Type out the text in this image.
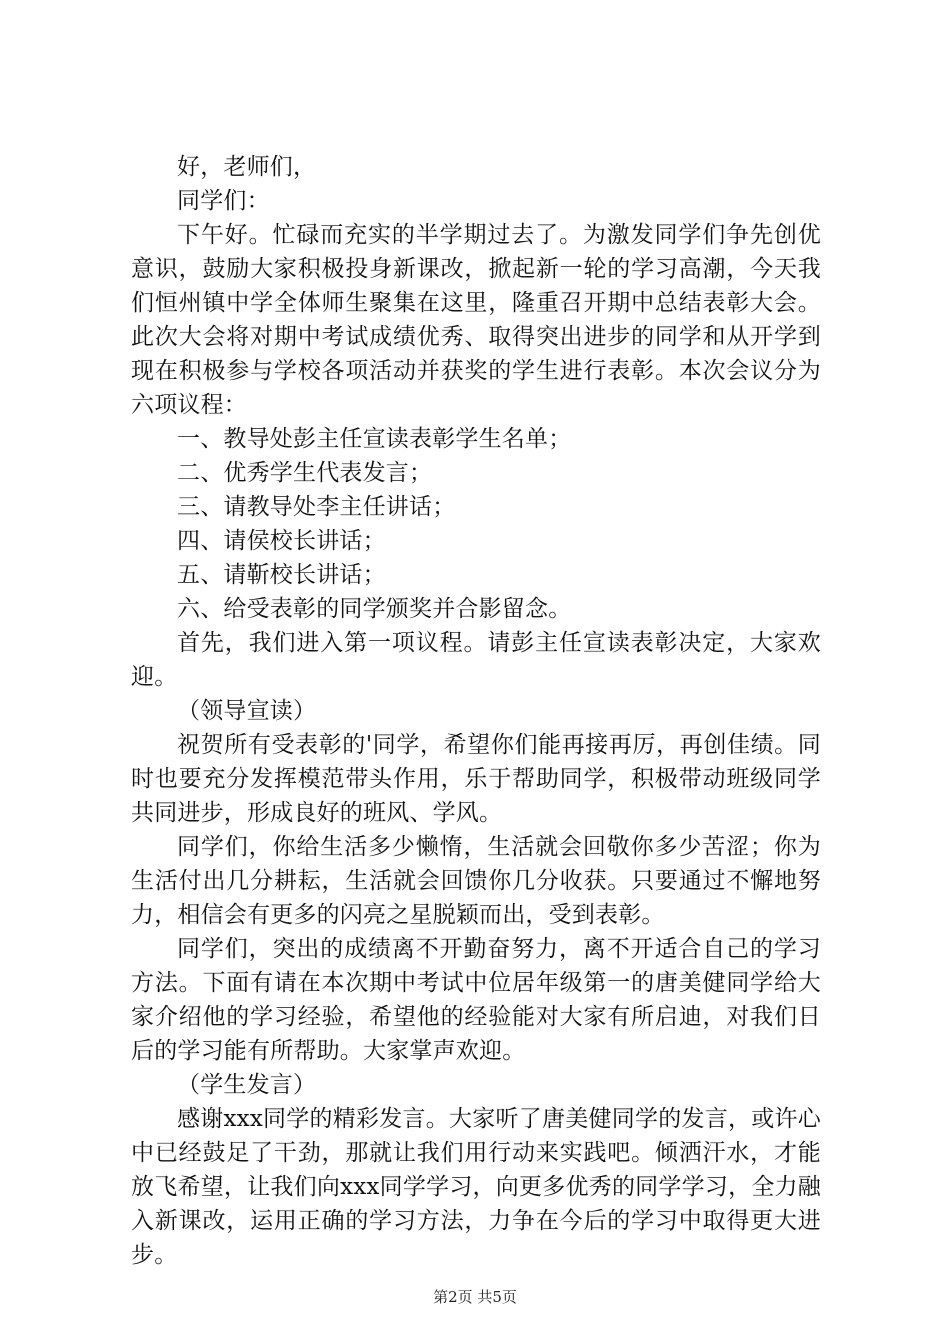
好，老师们，

同学们：

下午好。忙碌而充实的半学期过去了。为激发同学们争先创优意识，鼓励大家积极投身新课改，掀起新一轮的学习高潮，今天我们恒州镇中学全体师生聚集在这里，隆重召开期中总结表彰大会。此次大会将对期中考试成绩优秀、取得突出进步的同学和从开学到现在积极参与学校各项活动并获奖的学生进行表彰。本次会议分为六项议程：

一、教导处彭主任宣读表彰学生名单；

二、优秀学生代表发言；

三、请教导处李主任讲话；

四、请侯校长讲话；

五、请靳校长讲话；

六、给受表彰的同学颁奖并合影留念。

首先，我们进入第一项议程。请彭主任宣读表彰决定，大家欢迎。

（领导宣读）

祝贺所有受表彰的'同学，希望你们能再接再厉，再创佳绩。同时也要充分发挥模范带头作用，乐于帮助同学，积极带动班级同学共同进步，形成良好的班风、学风。

同学们，你给生活多少懒惰，生活就会回敬你多少苦涩；你为生活付出几分耕耘，生活就会回馈你几分收获。只要通过不懈地努力，相信会有更多的闪亮之星脱颖而出，受到表彰。

同学们，突出的成绩离不开勤奋努力，离不开适合自己的学习方法。下面有请在本次期中考试中位居年级第一的唐美健同学给大家介绍他的学习经验，希望他的经验能对大家有所启迪，对我们日后的学习能有所帮助。大家掌声欢迎。

（学生发言）

感谢xxx同学的精彩发言。大家听了唐美健同学的发言，或许心中已经鼓足了干劲，那就让我们用行动来实践吧。倾洒汗水，才能放飞希望，让我们向xxx同学学习，向更多优秀的同学学习，全力融入新课改，运用正确的学习方法，力争在今后的学习中取得更大进步。

第2页 共5页
